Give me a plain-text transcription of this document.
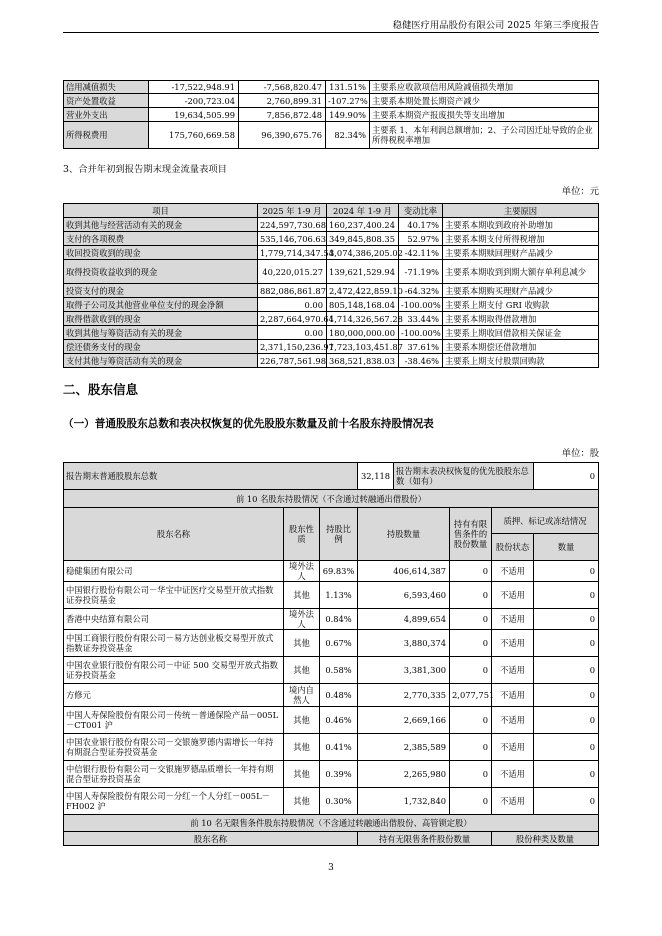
稳健医疗用品股份有限公司 2025 年第三季度报告
信用减值损失	-17,522,948.91	-7,568,820.47	131.51%	主要系应收款项信用风险减值损失增加
资产处置收益	-200,723.04	2,760,899.31	-107.27%	主要系本期处置长期资产减少
营业外支出	19,634,505.99	7,856,872.48	149.90%	主要系本期资产报废损失等支出增加
所得税费用	175,760,669.58	96,390,675.76	82.34%	主要系 1、本年利润总额增加；2、子公司因迁址导致的企业所得税税率增加
3、合并年初到报告期末现金流量表项目
单位：元
项目	2025 年 1-9 月	2024 年 1-9 月	变动比率	主要原因
收到其他与经营活动有关的现金	224,597,730.68	160,237,400.24	40.17%	主要系本期收到政府补助增加
支付的各项税费	535,146,706.63	349,845,808.35	52.97%	主要系本期支付所得税增加
收回投资收到的现金	1,779,714,347.54	3,074,386,205.02	-42.11%	主要系本期赎回理财产品减少
取得投资收益收到的现金	40,220,015.27	139,621,529.94	-71.19%	主要系本期收到到期大额存单利息减少
投资支付的现金	882,086,861.87	2,472,422,859.10	-64.32%	主要系本期购买理财产品减少
取得子公司及其他营业单位支付的现金净额	0.00	805,148,168.04	-100.00%	主要系上期支付 GRI 收购款
取得借款收到的现金	2,287,664,970.64	1,714,326,567.28	33.44%	主要系本期取得借款增加
收到其他与筹资活动有关的现金	0.00	180,000,000.00	-100.00%	主要系上期收回借款相关保证金
偿还债务支付的现金	2,371,150,236.97	1,723,103,451.87	37.61%	主要系本期偿还借款增加
支付其他与筹资活动有关的现金	226,787,561.98	368,521,838.03	-38.46%	主要系上期支付股票回购款
二、股东信息
（一）普通股股东总数和表决权恢复的优先股股东数量及前十名股东持股情况表
单位：股
报告期末普通股股东总数			32,118	报告期末表决权恢复的优先股股东总数（如有）			0
前 10 名股东持股情况（不含通过转融通出借股份）							
股东名称	股东性质	持股比例	持股数量		持有有限售条件的股份数量	质押、标记或冻结情况	
						股份状态	数量
稳健集团有限公司	境外法人	69.83%	406,614,387		0	不适用	0
中国银行股份有限公司－华宝中证医疗交易型开放式指数证券投资基金	其他	1.13%	6,593,460		0	不适用	0
香港中央结算有限公司	境外法人	0.84%	4,899,654		0	不适用	0
中国工商银行股份有限公司－易方达创业板交易型开放式指数证券投资基金	其他	0.67%	3,880,374		0	不适用	0
中国农业银行股份有限公司－中证 500 交易型开放式指数证券投资基金	其他	0.58%	3,381,300		0	不适用	0
方修元	境内自然人	0.48%	2,770,335		2,077,751	不适用	0
中国人寿保险股份有限公司－传统－普通保险产品－005L－CT001 沪	其他	0.46%	2,669,166		0	不适用	0
中国农业银行股份有限公司－交银施罗德内需增长一年持有期混合型证券投资基金	其他	0.41%	2,385,589		0	不适用	0
中信银行股份有限公司－交银施罗德品质增长一年持有期混合型证券投资基金	其他	0.39%	2,265,980		0	不适用	0
中国人寿保险股份有限公司－分红－个人分红－005L－FH002 沪	其他	0.30%	1,732,840		0	不适用	0
前 10 名无限售条件股东持股情况（不含通过转融通出借股份、高管锁定股）							
股东名称			持有无限售条件股份数量			股份种类及数量	
3
